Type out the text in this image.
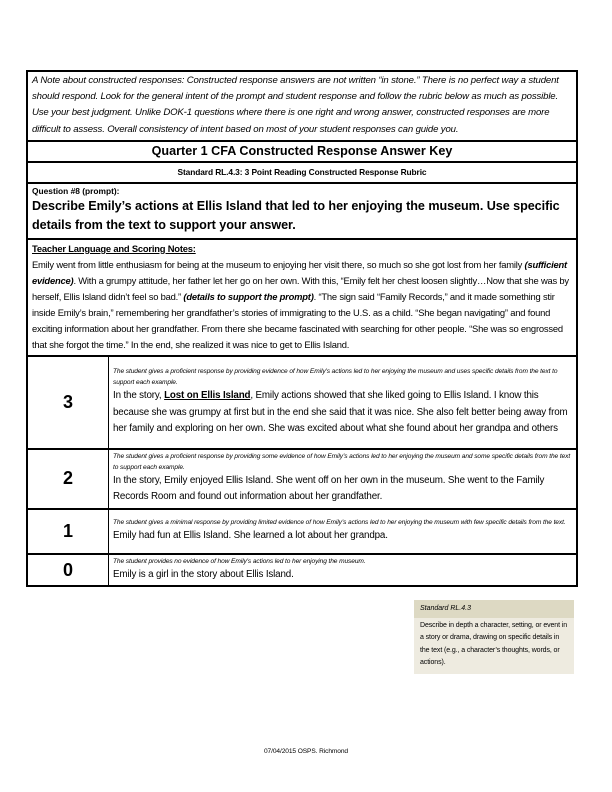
A Note about constructed responses: Constructed response answers are not written “in stone.” There is no perfect way a student should respond. Look for the general intent of the prompt and student response and follow the rubric below as much as possible. Use your best judgment. Unlike DOK-1 questions where there is one right and wrong answer, constructed responses are more difficult to assess. Overall consistency of intent based on most of your student responses can guide you.
Quarter 1 CFA Constructed Response Answer Key
Standard RL.4.3: 3 Point Reading Constructed Response Rubric
Question #8 (prompt):
Describe Emily’s actions at Ellis Island that led to her enjoying the museum. Use specific details from the text to support your answer.
Teacher Language and Scoring Notes:
Emily went from little enthusiasm for being at the museum to enjoying her visit there, so much so she got lost from her family (sufficient evidence). With a grumpy attitude, her father let her go on her own. With this, “Emily felt her chest loosen slightly…Now that she was by herself, Ellis Island didn’t feel so bad.” (details to support the prompt). “The sign said “Family Records,” and it made something stir inside Emily’s brain,” remembering her grandfather’s stories of immigrating to the U.S. as a child. “She began navigating” and found exciting information about her grandfather. From there she became fascinated with searching for other people. “She was so engrossed that she forgot the time.” In the end, she realized it was nice to get to Ellis Island.
3	The student gives a proficient response by providing evidence of how Emily’s actions led to her enjoying the museum and uses specific details from the text to support each example.
In the story, Lost on Ellis Island, Emily actions showed that she liked going to Ellis Island. I know this because she was grumpy at first but in the end she said that it was nice. She also felt better being away from her family and exploring on her own. She was excited about what she found about her grandpa and others

2	The student gives a proficient response by providing some evidence of how Emily’s actions led to her enjoying the museum and some specific details from the text to support each example.
In the story, Emily enjoyed Ellis Island. She went off on her own in the museum. She went to the Family Records Room and found out information about her grandfather.

1	The student gives a minimal response by providing limited evidence of how Emily’s actions led to her enjoying the museum with few specific details from the text.
Emily had fun at Ellis Island. She learned a lot about her grandpa.

0	The student provides no evidence of how Emily’s actions led to her enjoying the museum.
Emily is a girl in the story about Ellis Island.
Standard RL.4.3
Describe in depth a character, setting, or event in a story or drama, drawing on specific details in the text (e.g., a character’s thoughts, words, or actions).
07/04/2015 OSPS. Richmond
